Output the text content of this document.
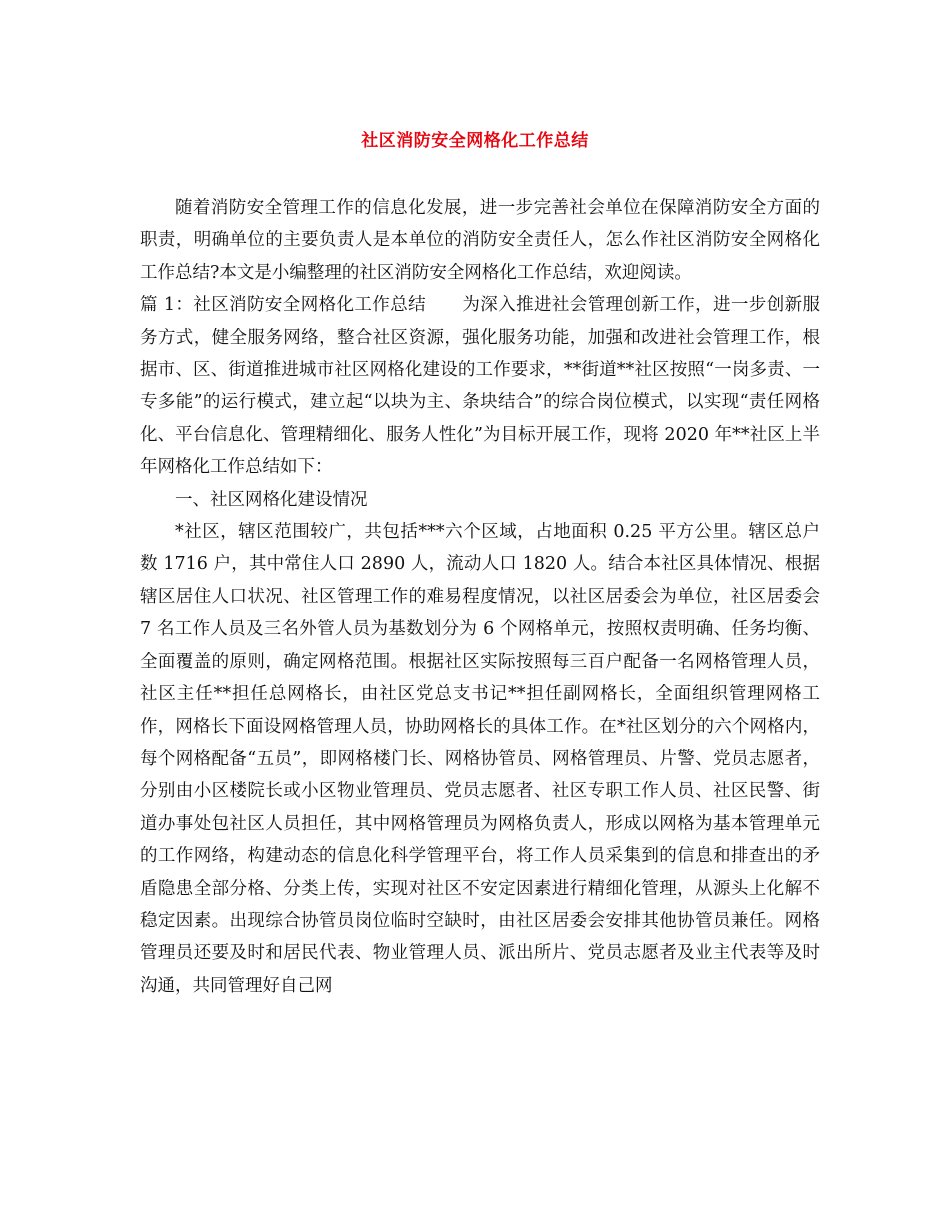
社区消防安全网格化工作总结

随着消防安全管理工作的信息化发展，进一步完善社会单位在保障消防安全方面的职责，明确单位的主要负责人是本单位的消防安全责任人，怎么作社区消防安全网格化工作总结?本文是小编整理的社区消防安全网格化工作总结，欢迎阅读。

篇 1：社区消防安全网格化工作总结 为深入推进社会管理创新工作，进一步创新服务方式，健全服务网络，整合社区资源，强化服务功能，加强和改进社会管理工作，根据市、区、街道推进城市社区网格化建设的工作要求，**街道**社区按照“一岗多责、一专多能”的运行模式，建立起“以块为主、条块结合”的综合岗位模式，以实现“责任网格化、平台信息化、管理精细化、服务人性化”为目标开展工作，现将 2020 年**社区上半年网格化工作总结如下：

一、社区网格化建设情况

*社区，辖区范围较广，共包括***六个区域，占地面积 0.25 平方公里。辖区总户数 1716 户，其中常住人口 2890 人，流动人口 1820 人。结合本社区具体情况、根据辖区居住人口状况、社区管理工作的难易程度情况，以社区居委会为单位，社区居委会 7 名工作人员及三名外管人员为基数划分为 6 个网格单元，按照权责明确、任务均衡、全面覆盖的原则，确定网格范围。根据社区实际按照每三百户配备一名网格管理人员，社区主任**担任总网格长，由社区党总支书记**担任副网格长，全面组织管理网格工作，网格长下面设网格管理人员，协助网格长的具体工作。在*社区划分的六个网格内，每个网格配备“五员”，即网格楼门长、网格协管员、网格管理员、片警、党员志愿者，分别由小区楼院长或小区物业管理员、党员志愿者、社区专职工作人员、社区民警、街道办事处包社区人员担任，其中网格管理员为网格负责人，形成以网格为基本管理单元的工作网络，构建动态的信息化科学管理平台，将工作人员采集到的信息和排查出的矛盾隐患全部分格、分类上传，实现对社区不安定因素进行精细化管理，从源头上化解不稳定因素。出现综合协管员岗位临时空缺时，由社区居委会安排其他协管员兼任。网格管理员还要及时和居民代表、物业管理人员、派出所片、党员志愿者及业主代表等及时沟通，共同管理好自己网
